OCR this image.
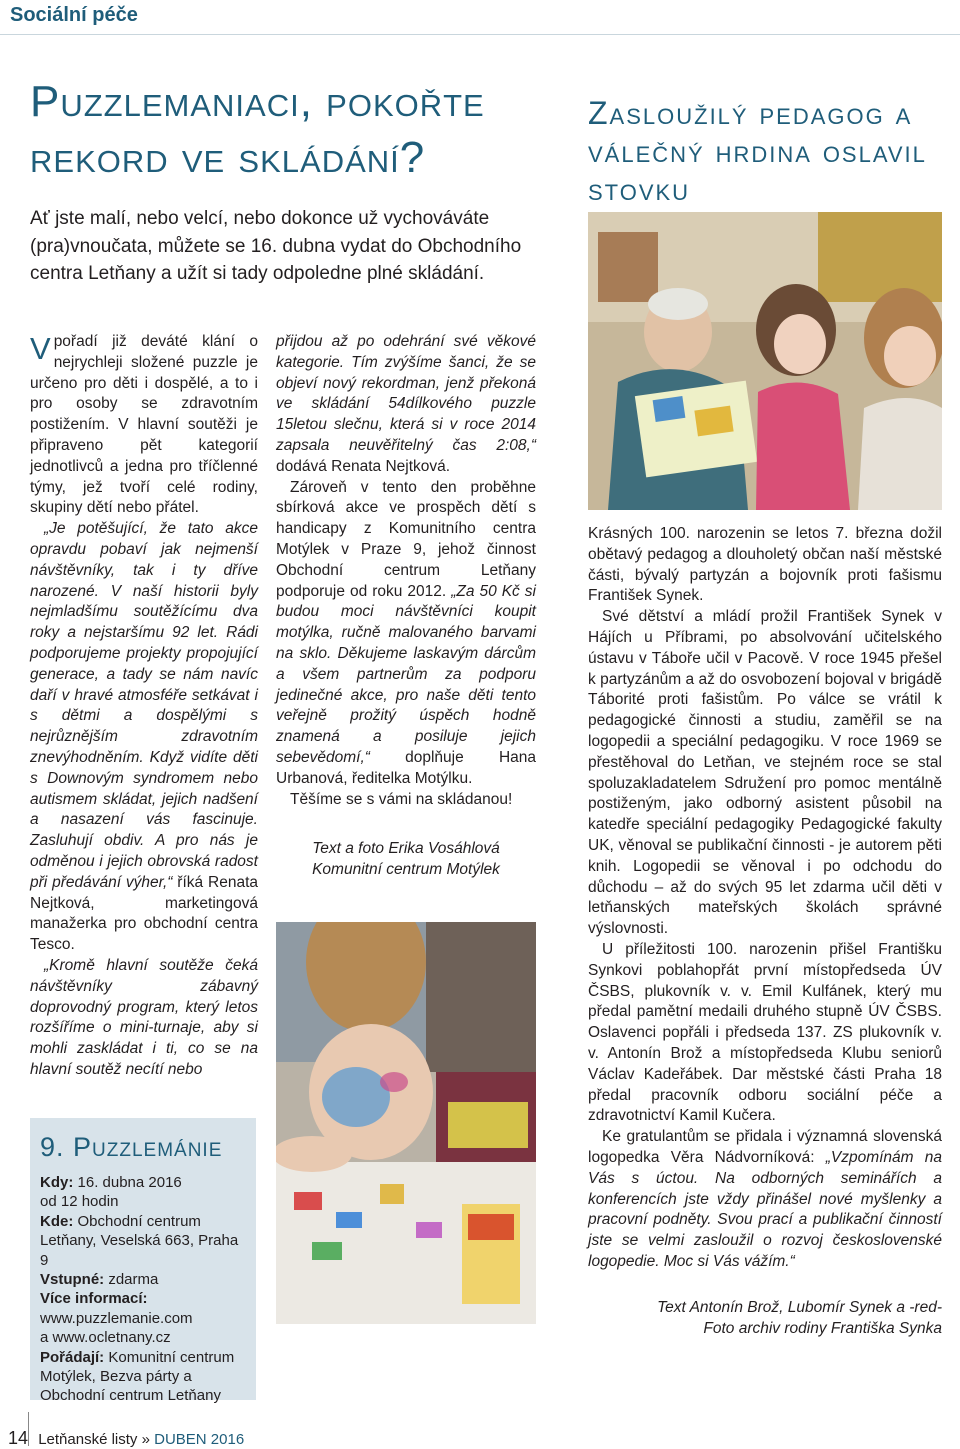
Sociální péče
Puzzlemaniaci, pokořte rekord ve skládání?
Ať jste malí, nebo velcí, nebo dokonce už vychováváte (pra)vnoučata, můžete se 16. dubna vydat do Obchodního centra Letňany a užít si tady odpoledne plné skládání.

V pořadí již deváté klání o nejrychleji složené puzzle je určeno pro děti i dospělé, a to i pro osoby se zdravotním postižením. V hlavní soutěži je připraveno pět kategorií jednotlivců a jedna pro tříčlenné týmy, jež tvoří celé rodiny, skupiny dětí nebo přátel.

„Je potěšující, že tato akce opravdu pobaví jak nejmenší návštěvníky, tak i ty dříve narozené. V naší historii byly nejmladšímu soutěžícímu dva roky a nejstaršímu 92 let. Rádi podporujeme projekty propojující generace, a tady se nám navíc daří v hravé atmosféře setkávat i s dětmi a dospělými s nejrůznějším zdravotním znevýhodněním. Když vidíte děti s Downovým syndromem nebo autismem skládat, jejich nadšení a nasazení vás fascinuje. Zasluhují obdiv. A pro nás je odměnou i jejich obrovská radost při předávání výher,“ říká Renata Nejtková, marketingová manažerka pro obchodní centra Tesco.

„Kromě hlavní soutěže čeká návštěvníky zábavný doprovodný program, který letos rozšíříme o mini-turnaje, aby si mohli zaskládat i ti, co se na hlavní soutěž necítí nebo

přijdou až po odehrání své věkové kategorie. Tím zvýšíme šanci, že se objeví nový rekordman, jenž překoná ve skládání 54dílkového puzzle 15letou slečnu, která si v roce 2014 zapsala neuvěřitelný čas 2:08,“ dodává Renata Nejtková.

Zároveň v tento den proběhne sbírková akce ve prospěch dětí s handicapy z Komunitního centra Motýlek v Praze 9, jehož činnost Obchodní centrum Letňany podporuje od roku 2012. „Za 50 Kč si budou moci návštěvníci koupit motýlka, ručně malovaného barvami na sklo. Děkujeme laskavým dárcům a všem partnerům za podporu jedinečné akce, pro naše děti tento veřejně prožitý úspěch hodně znamená a posiluje jejich sebevědomí,“ doplňuje Hana Urbanová, ředitelka Motýlku.

Těšíme se s vámi na skládanou!

Text a foto Erika Vosáhlová
Komunitní centrum Motýlek
9. Puzzlemánie
Kdy: 16. dubna 2016
od 12 hodin
Kde: Obchodní centrum Letňany, Veselská 663, Praha 9
Vstupné: zdarma
Více informací:
www.puzzlemanie.com
a www.ocletnany.cz
Pořádají: Komunitní centrum Motýlek, Bezva párty a Obchodní centrum Letňany
Zasloužilý pedagog a válečný hrdina oslavil stovku

Krásných 100. narozenin se letos 7. března dožil obětavý pedagog a dlouholetý občan naší městské části, bývalý partyzán a bojovník proti fašismu František Synek.

Své dětství a mládí prožil František Synek v Hájích u Příbrami, po absolvování učitelského ústavu v Táboře učil v Pacově. V roce 1945 přešel k partyzánům a až do osvobození bojoval v brigádě Táborité proti fašistům. Po válce se vrátil k pedagogické činnosti a studiu, zaměřil se na logopedii a speciální pedagogiku. V roce 1969 se přestěhoval do Letňan, ve stejném roce se stal spoluzakladatelem Sdružení pro pomoc mentálně postiženým, jako odborný asistent působil na katedře speciální pedagogiky Pedagogické fakulty UK, věnoval se publikační činnosti - je autorem pěti knih. Logopedii se věnoval i po odchodu do důchodu – až do svých 95 let zdarma učil děti v letňanských mateřských školách správné výslovnosti.

U příležitosti 100. narozenin přišel Františku Synkovi poblahopřát první místopředseda ÚV ČSBS, plukovník v. v. Emil Kulfánek, který mu předal pamětní medaili druhého stupně ÚV ČSBS. Oslavenci popřáli i předseda 137. ZS plukovník v. v. Antonín Brož a místopředseda Klubu seniorů Václav Kadeřábek. Dar městské části Praha 18 předal pracovník odboru sociální péče a zdravotnictví Kamil Kučera.

Ke gratulantům se přidala i významná slovenská logopedka Věra Nádvorníková: „Vzpomínám na Vás s úctou. Na odborných seminářích a konferencích jste vždy přinášel nové myšlenky a pracovní podněty. Svou prací a publikační činností jste se velmi zasloužil o rozvoj československé logopedie. Moc si Vás vážím.“

Text Antonín Brož, Lubomír Synek a -red-
Foto archiv rodiny Františka Synka
14 Letňanské listy » DUBEN 2016
